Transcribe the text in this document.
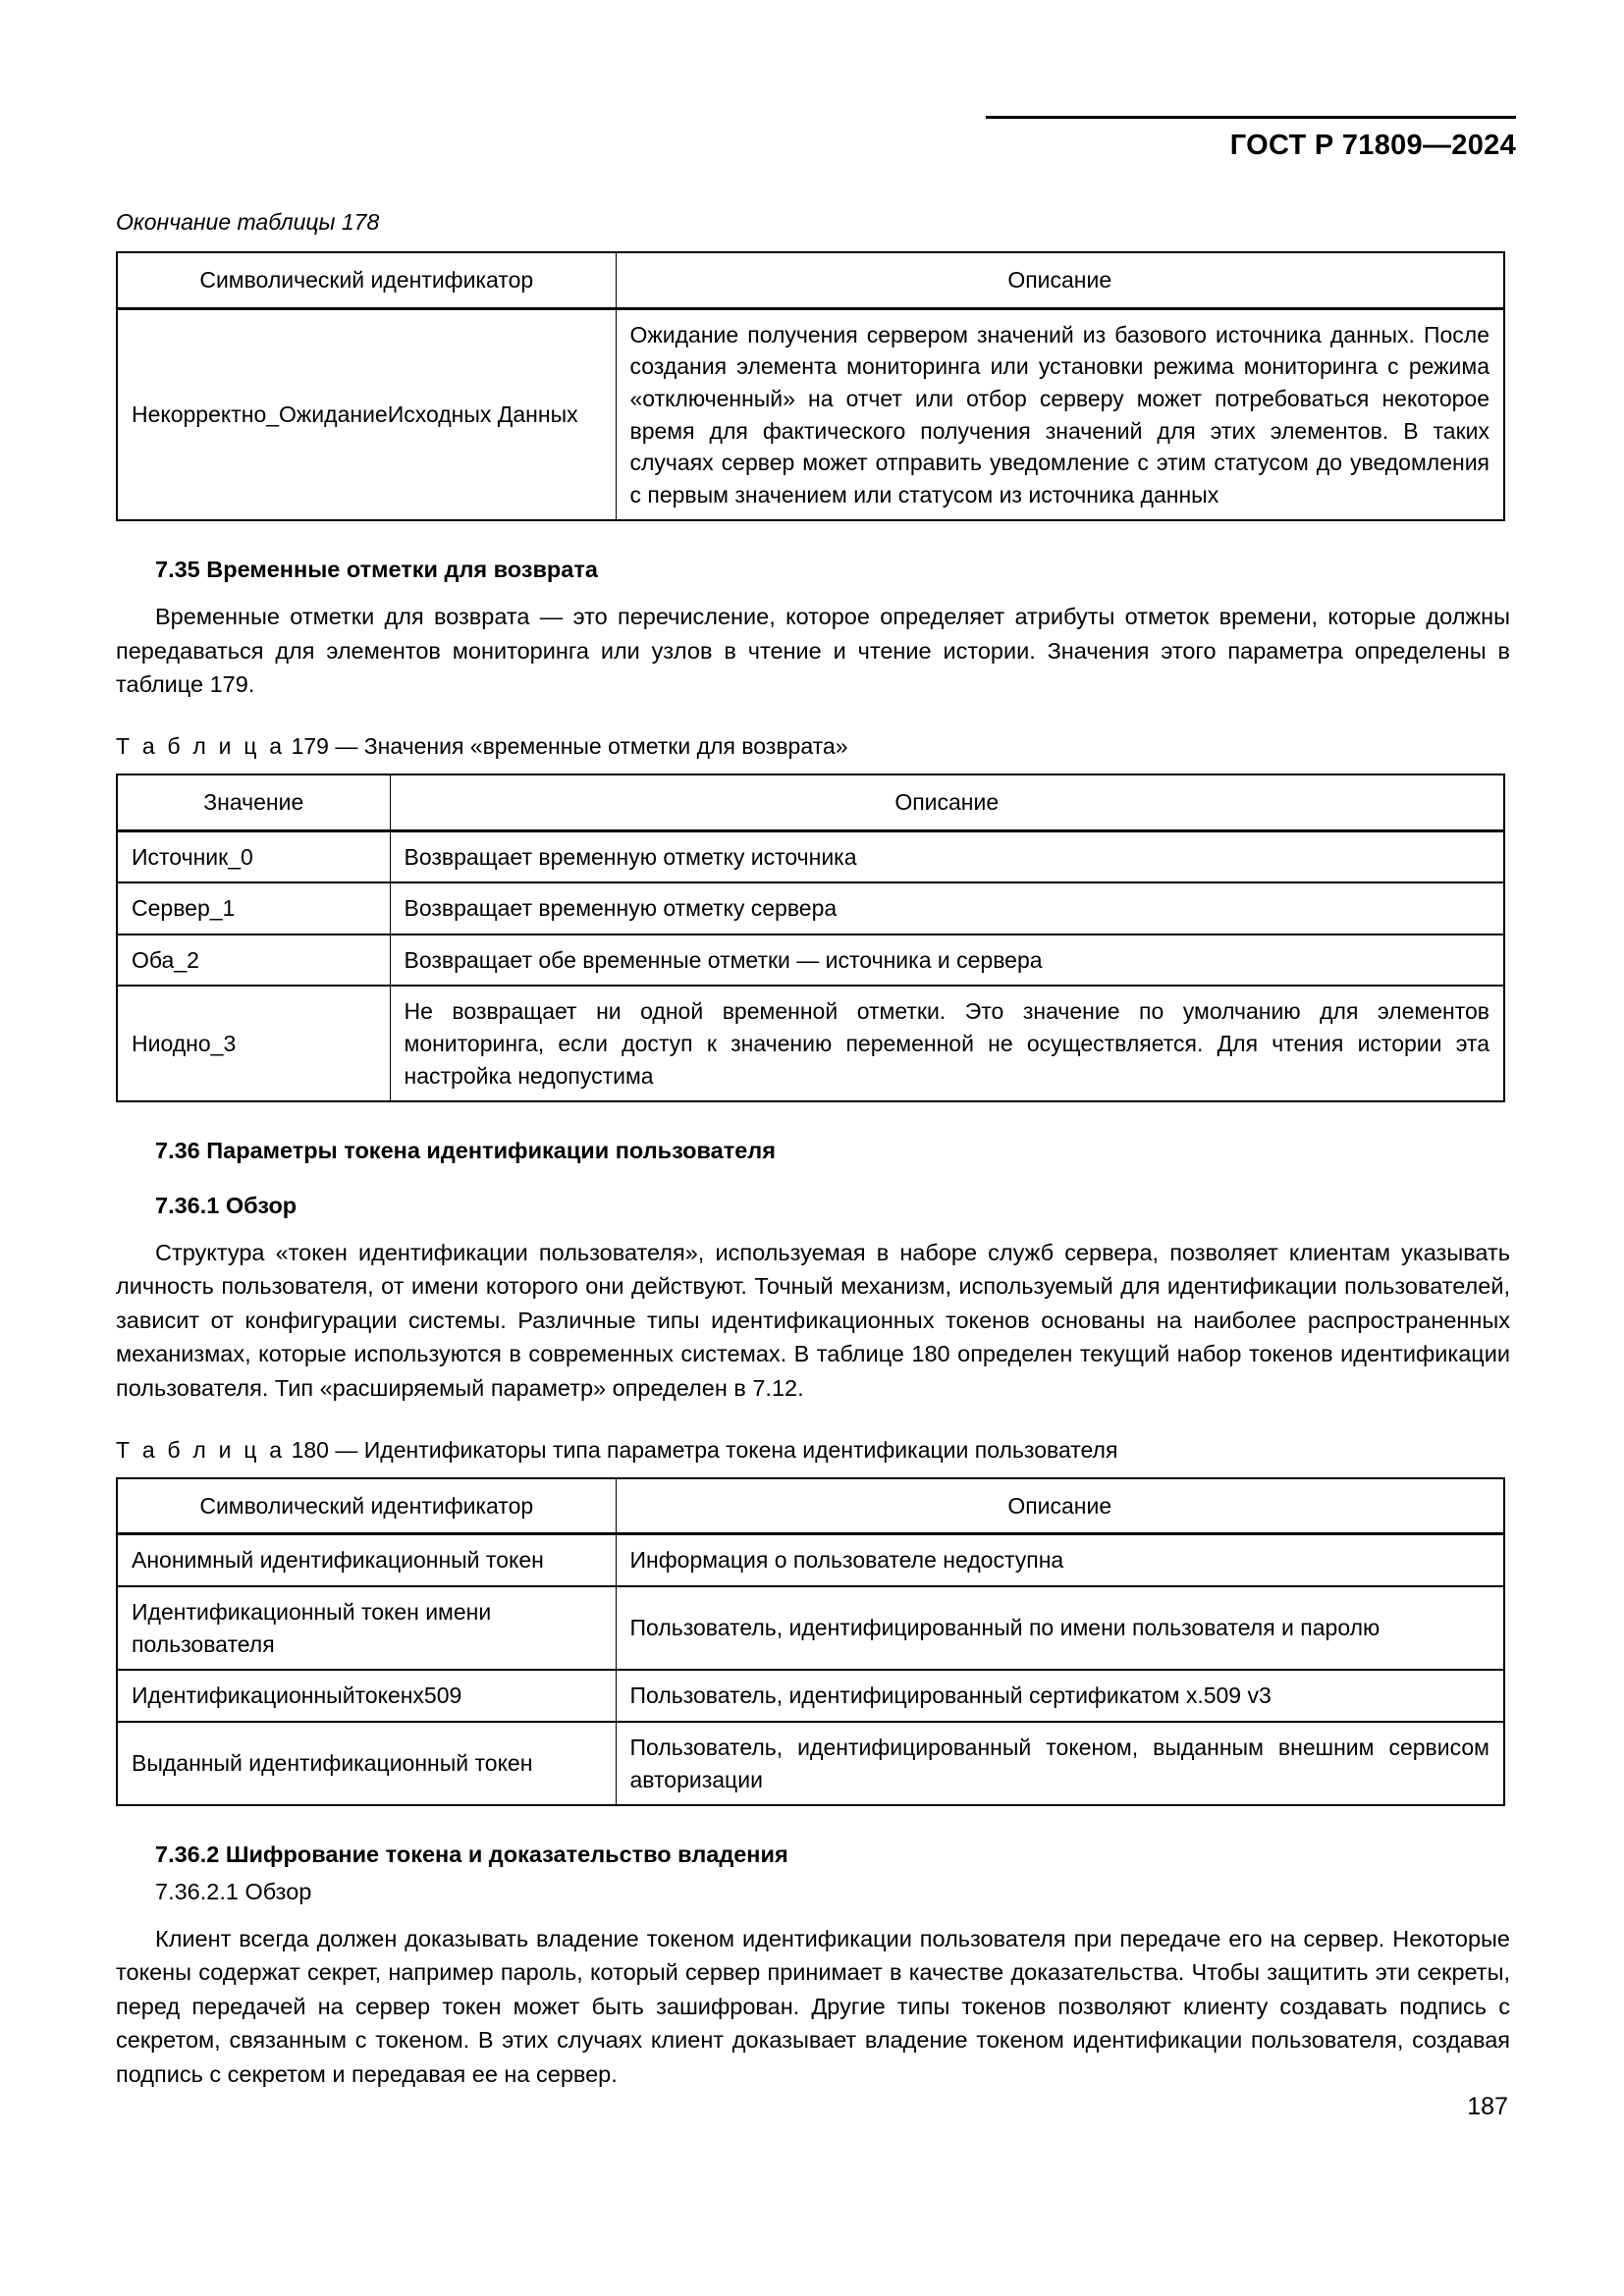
ГОСТ Р 71809—2024
Окончание таблицы 178
Символический идентификатор	Описание
Некорректно_ОжиданиеИсходных Данных	Ожидание получения сервером значений из базового источника данных. После создания элемента мониторинга или установки режима мониторинга с режима «отключенный» на отчет или отбор серверу может потребоваться некоторое время для фактического получения значений для этих элементов. В таких случаях сервер может отправить уведомление с этим статусом до уведомления с первым значением или статусом из источника данных
7.35 Временные отметки для возврата

Временные отметки для возврата — это перечисление, которое определяет атрибуты отметок времени, которые должны передаваться для элементов мониторинга или узлов в чтение и чтение истории. Значения этого параметра определены в таблице 179.

Т а б л и ц а 179 — Значения «временные отметки для возврата»
Значение	Описание
Источник_0	Возвращает временную отметку источника
Сервер_1	Возвращает временную отметку сервера
Оба_2	Возвращает обе временные отметки — источника и сервера
Ниодно_3	Не возвращает ни одной временной отметки. Это значение по умолчанию для элементов мониторинга, если доступ к значению переменной не осуществляется. Для чтения истории эта настройка недопустима
7.36 Параметры токена идентификации пользователя
7.36.1 Обзор

Структура «токен идентификации пользователя», используемая в наборе служб сервера, позволяет клиентам указывать личность пользователя, от имени которого они действуют. Точный механизм, используемый для идентификации пользователей, зависит от конфигурации системы. Различные типы идентификационных токенов основаны на наиболее распространенных механизмах, которые используются в современных системах. В таблице 180 определен текущий набор токенов идентификации пользователя. Тип «расширяемый параметр» определен в 7.12.

Т а б л и ц а 180 — Идентификаторы типа параметра токена идентификации пользователя
Символический идентификатор	Описание
Анонимный идентификационный токен	Информация о пользователе недоступна
Идентификационный токен имени пользователя	Пользователь, идентифицированный по имени пользователя и паролю
Идентификационныйтокенх509	Пользователь, идентифицированный сертификатом x.509 v3
Выданный идентификационный токен	Пользователь, идентифицированный токеном, выданным внешним сервисом авторизации
7.36.2 Шифрование токена и доказательство владения

7.36.2.1 Обзор

Клиент всегда должен доказывать владение токеном идентификации пользователя при передаче его на сервер. Некоторые токены содержат секрет, например пароль, который сервер принимает в качестве доказательства. Чтобы защитить эти секреты, перед передачей на сервер токен может быть зашифрован. Другие типы токенов позволяют клиенту создавать подпись с секретом, связанным с токеном. В этих случаях клиент доказывает владение токеном идентификации пользователя, создавая подпись с секретом и передавая ее на сервер.

187
